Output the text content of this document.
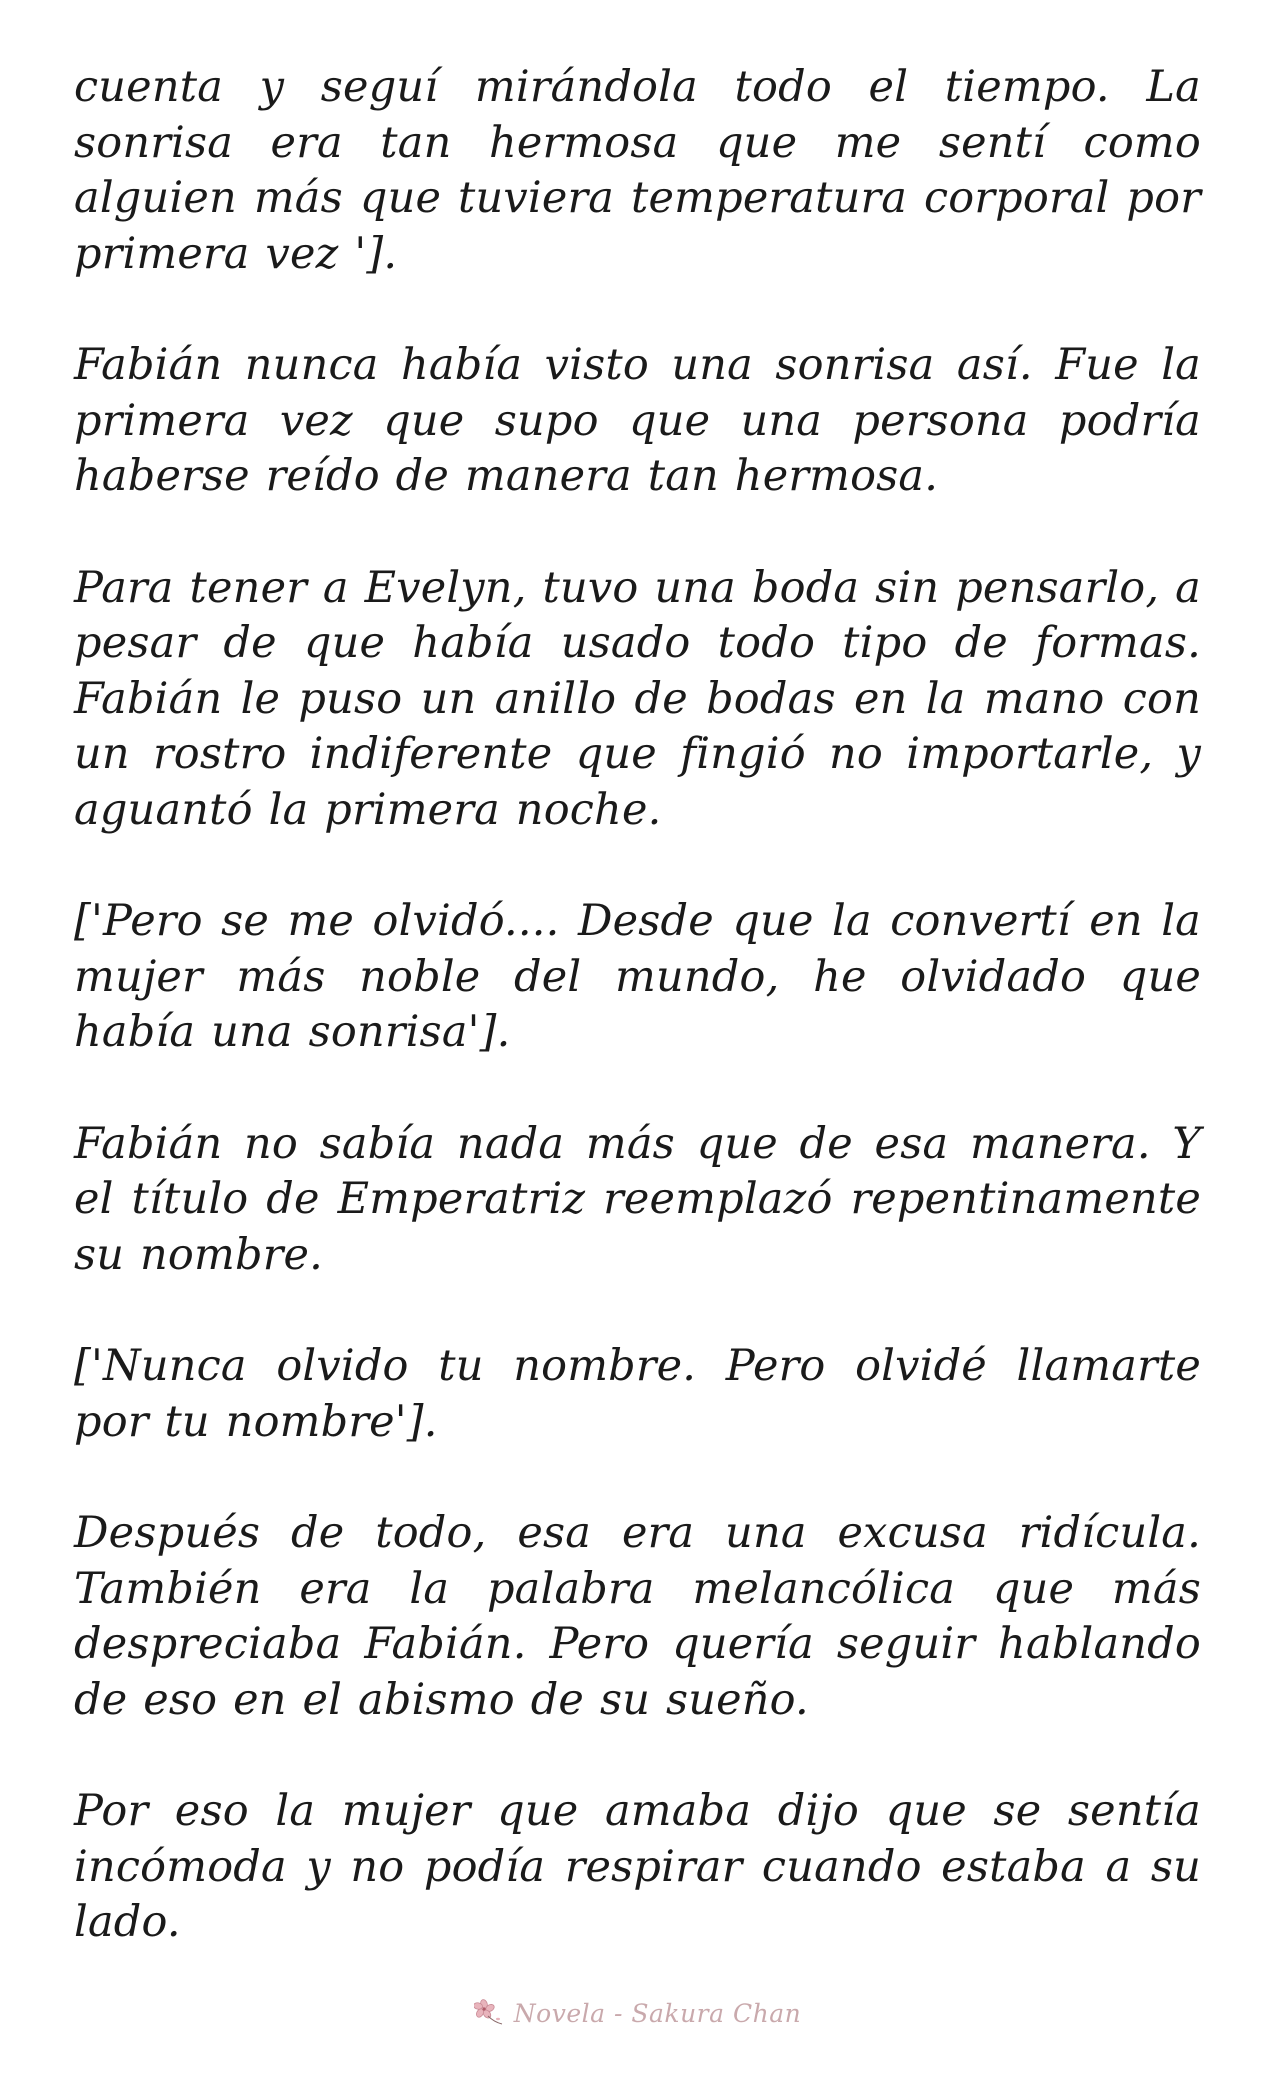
cuenta y seguí mirándola todo el tiempo. La sonrisa era tan hermosa que me sentí como alguien más que tuviera temperatura corporal por primera vez '].

Fabián nunca había visto una sonrisa así. Fue la primera vez que supo que una persona podría haberse reído de manera tan hermosa.

Para tener a Evelyn, tuvo una boda sin pensarlo, a pesar de que había usado todo tipo de formas. Fabián le puso un anillo de bodas en la mano con un rostro indiferente que fingió no importarle, y aguantó la primera noche.

['Pero se me olvidó.... Desde que la convertí en la mujer más noble del mundo, he olvidado que había una sonrisa'].

Fabián no sabía nada más que de esa manera. Y el título de Emperatriz reemplazó repentinamente su nombre.

['Nunca olvido tu nombre. Pero olvidé llamarte por tu nombre'].

Después de todo, esa era una excusa ridícula. También era la palabra melancólica que más despreciaba Fabián. Pero quería seguir hablando de eso en el abismo de su sueño.

Por eso la mujer que amaba dijo que se sentía incómoda y no podía respirar cuando estaba a su lado.

Novela - Sakura Chan
